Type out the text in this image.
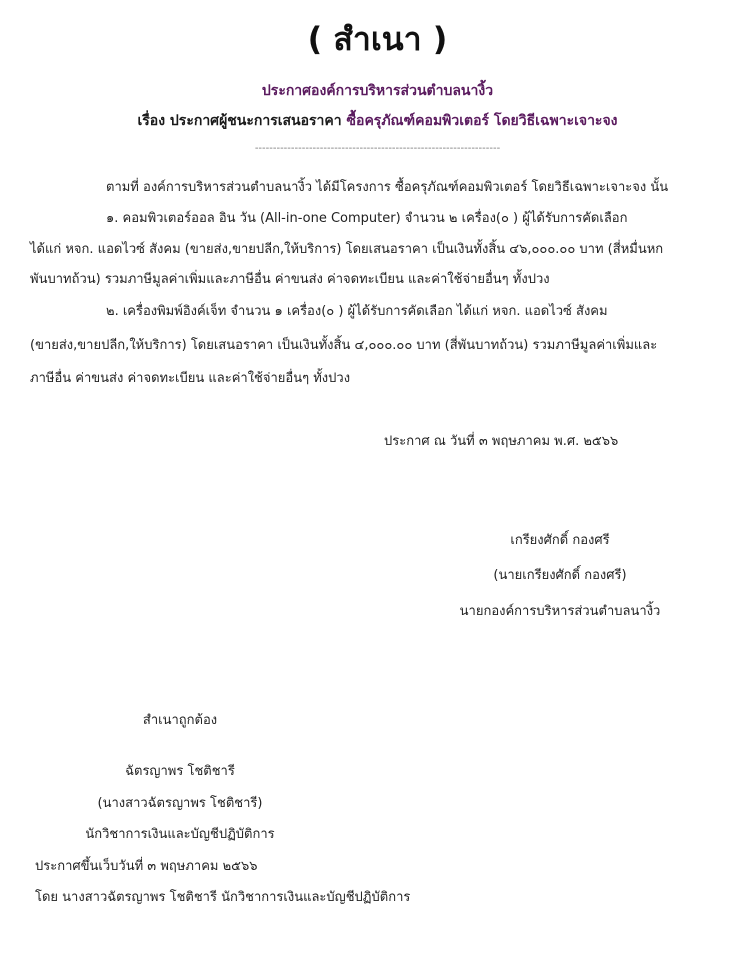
( สำเนา )
ประกาศองค์การบริหารส่วนตำบลนางิ้ว
เรื่อง ประกาศผู้ชนะการเสนอราคา ซื้อครุภัณฑ์คอมพิวเตอร์ โดยวิธีเฉพาะเจาะจง
--------------------------------------------------------------------
ตามที่ องค์การบริหารส่วนตำบลนางิ้ว ได้มีโครงการ ซื้อครุภัณฑ์คอมพิวเตอร์ โดยวิธีเฉพาะเจาะจง นั้น
๑. คอมพิวเตอร์ออล อิน วัน (All-in-one Computer) จำนวน ๒ เครื่อง(๐ ) ผู้ได้รับการคัดเลือก
ได้แก่ หจก. แอดไวซ์ สังคม (ขายส่ง,ขายปลีก,ให้บริการ) โดยเสนอราคา เป็นเงินทั้งสิ้น ๔๖,๐๐๐.๐๐ บาท (สี่หมื่นหก
พันบาทถ้วน) รวมภาษีมูลค่าเพิ่มและภาษีอื่น ค่าขนส่ง ค่าจดทะเบียน และค่าใช้จ่ายอื่นๆ ทั้งปวง
๒. เครื่องพิมพ์อิงค์เจ็ท จำนวน ๑ เครื่อง(๐ ) ผู้ได้รับการคัดเลือก ได้แก่ หจก. แอดไวซ์ สังคม
(ขายส่ง,ขายปลีก,ให้บริการ) โดยเสนอราคา เป็นเงินทั้งสิ้น ๔,๐๐๐.๐๐ บาท (สี่พันบาทถ้วน) รวมภาษีมูลค่าเพิ่มและ
ภาษีอื่น ค่าขนส่ง ค่าจดทะเบียน และค่าใช้จ่ายอื่นๆ ทั้งปวง
ประกาศ ณ วันที่ ๓ พฤษภาคม พ.ศ. ๒๕๖๖
เกรียงศักดิ์ กองศรี
(นายเกรียงศักดิ์ กองศรี)
นายกองค์การบริหารส่วนตำบลนางิ้ว
สำเนาถูกต้อง
ฉัตรญาพร โชติชารี
(นางสาวฉัตรญาพร โชติชารี)
นักวิชาการเงินและบัญชีปฏิบัติการ
ประกาศขึ้นเว็บวันที่ ๓ พฤษภาคม ๒๕๖๖
โดย นางสาวฉัตรญาพร โชติชารี นักวิชาการเงินและบัญชีปฏิบัติการ
